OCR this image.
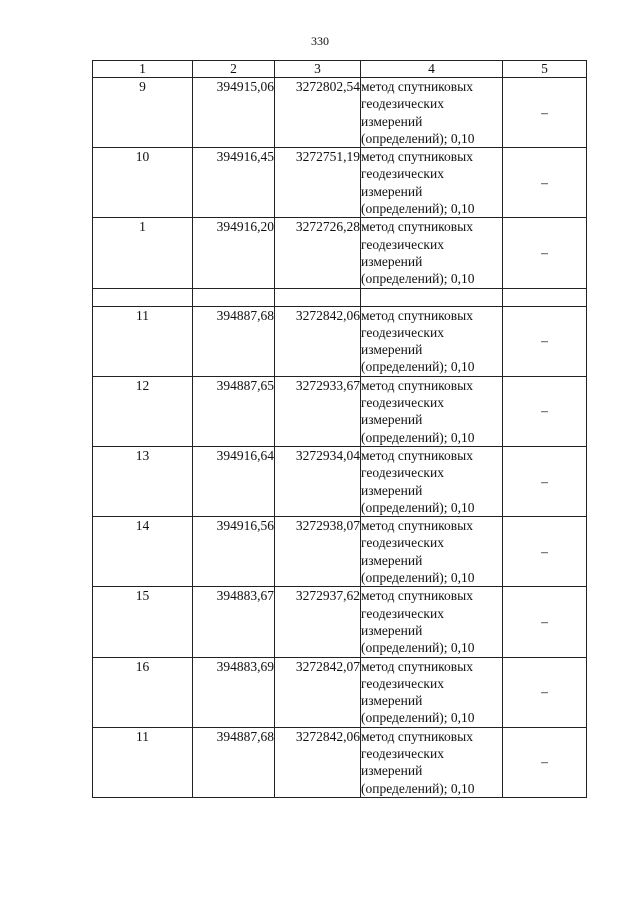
330
1	2	3	4	5
9	394915,06	3272802,54	метод спутниковых
геодезических
измерений
(определений); 0,10	–
10	394916,45	3272751,19	метод спутниковых
геодезических
измерений
(определений); 0,10	–
1	394916,20	3272726,28	метод спутниковых
геодезических
измерений
(определений); 0,10	–

11	394887,68	3272842,06	метод спутниковых
геодезических
измерений
(определений); 0,10	–
12	394887,65	3272933,67	метод спутниковых
геодезических
измерений
(определений); 0,10	–
13	394916,64	3272934,04	метод спутниковых
геодезических
измерений
(определений); 0,10	–
14	394916,56	3272938,07	метод спутниковых
геодезических
измерений
(определений); 0,10	–
15	394883,67	3272937,62	метод спутниковых
геодезических
измерений
(определений); 0,10	–
16	394883,69	3272842,07	метод спутниковых
геодезических
измерений
(определений); 0,10	–
11	394887,68	3272842,06	метод спутниковых
геодезических
измерений
(определений); 0,10	–
